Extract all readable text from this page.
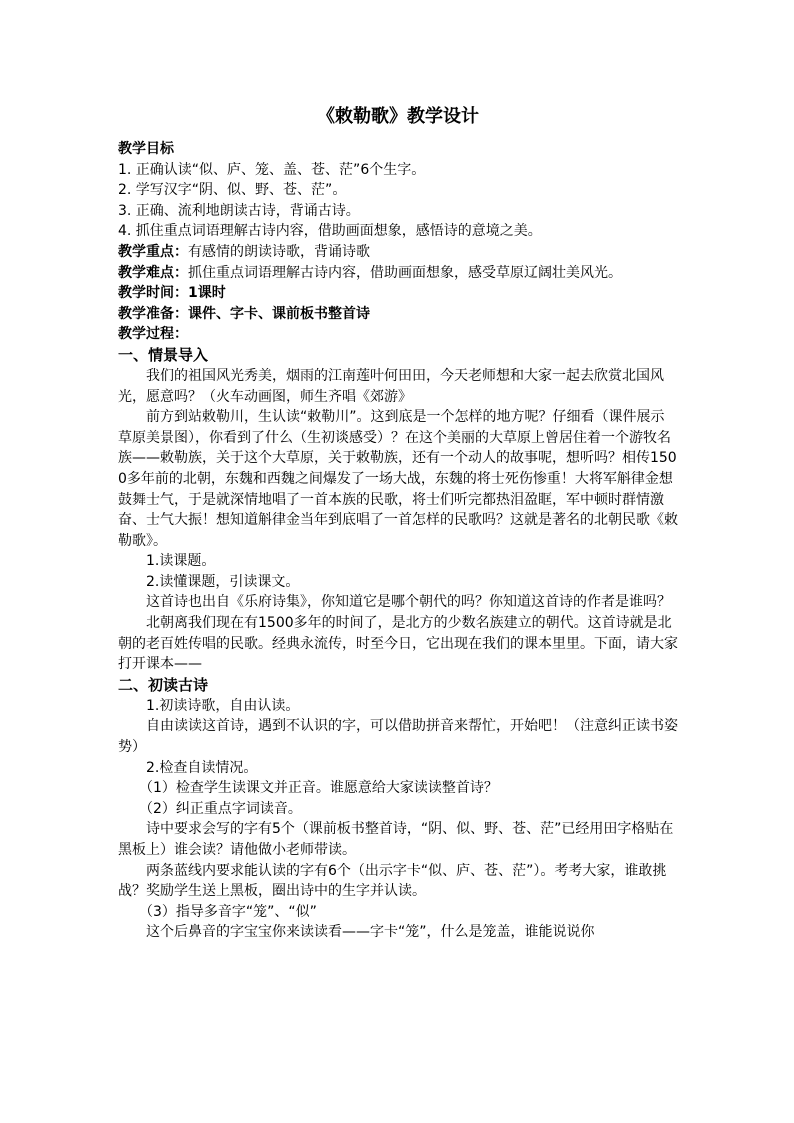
《敕勒歌》教学设计

教学目标

1. 正确认读“似、庐、笼、盖、苍、茫”6个生字。

2. 学写汉字“阴、似、野、苍、茫”。

3. 正确、流利地朗读古诗，背诵古诗。

4. 抓住重点词语理解古诗内容，借助画面想象，感悟诗的意境之美。

教学重点：有感情的朗读诗歌，背诵诗歌

教学难点：抓住重点词语理解古诗内容，借助画面想象，感受草原辽阔壮美风光。

教学时间：1课时

教学准备：课件、字卡、课前板书整首诗

教学过程：

一、情景导入

我们的祖国风光秀美，烟雨的江南莲叶何田田，今天老师想和大家一起去欣赏北国风光，愿意吗？（火车动画图，师生齐唱《郊游》

前方到站敕勒川，生认读“敕勒川”。这到底是一个怎样的地方呢？仔细看（课件展示草原美景图），你看到了什么（生初谈感受）？在这个美丽的大草原上曾居住着一个游牧名族——敕勒族，关于这个大草原，关于敕勒族，还有一个动人的故事呢，想听吗？相传1500多年前的北朝，东魏和西魏之间爆发了一场大战，东魏的将士死伤惨重！大将军斛律金想鼓舞士气，于是就深情地唱了一首本族的民歌，将士们听完都热泪盈眶，军中顿时群情激奋、士气大振！想知道斛律金当年到底唱了一首怎样的民歌吗？这就是著名的北朝民歌《敕勒歌》。

1.读课题。

2.读懂课题，引读课文。

这首诗也出自《乐府诗集》，你知道它是哪个朝代的吗？你知道这首诗的作者是谁吗？

北朝离我们现在有1500多年的时间了，是北方的少数名族建立的朝代。这首诗就是北朝的老百姓传唱的民歌。经典永流传，时至今日，它出现在我们的课本里里。下面，请大家打开课本——

二、初读古诗

1.初读诗歌，自由认读。

自由读读这首诗，遇到不认识的字，可以借助拼音来帮忙，开始吧！（注意纠正读书姿势）

2.检查自读情况。

（1）检查学生读课文并正音。谁愿意给大家读读整首诗？

（2）纠正重点字词读音。

诗中要求会写的字有5个（课前板书整首诗，“阴、似、野、苍、茫”已经用田字格贴在黑板上）谁会读？请他做小老师带读。

两条蓝线内要求能认读的字有6个（出示字卡“似、庐、苍、茫”）。考考大家，谁敢挑战？奖励学生送上黑板，圈出诗中的生字并认读。

（3）指导多音字“笼”、“似”

这个后鼻音的字宝宝你来读读看——字卡“笼”，什么是笼盖，谁能说说你
